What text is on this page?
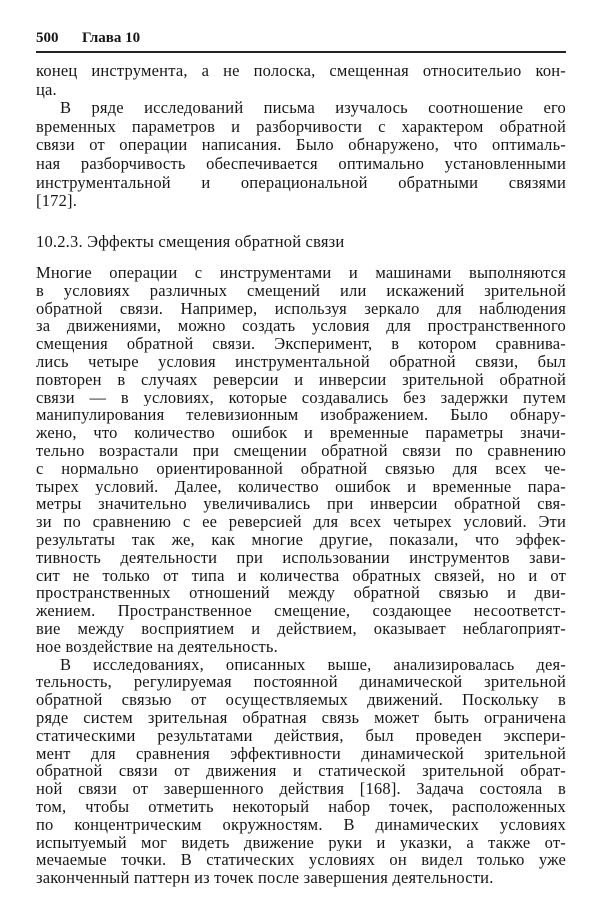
500 Глава 10
конец инструмента, а не полоска, смещенная относительио кон-
ца.
В ряде исследований письма изучалось соотношение его
временных параметров и разборчивости с характером обратной
связи от операции написания. Было обнаружено, что оптималь-
ная разборчивость обеспечивается оптимально установленными
инструментальной и операциональной обратными связями
[172].
10.2.3. Эффекты смещения обратной связи
Многие операции с инструментами и машинами выполняются
в условиях различных смещений или искажений зрительной
обратной связи. Например, используя зеркало для наблюдения
за движениями, можно создать условия для пространственного
смещения обратной связи. Эксперимент, в котором сравнива-
лись четыре условия инструментальной обратной связи, был
повторен в случаях реверсии и инверсии зрительной обратной
связи — в условиях, которые создавались без задержки путем
манипулирования телевизионным изображением. Было обнару-
жено, что количество ошибок и временные параметры значи-
тельно возрастали при смещении обратной связи по сравнению
с нормально ориентированной обратной связью для всех че-
тырех условий. Далее, количество ошибок и временные пара-
метры значительно увеличивались при инверсии обратной свя-
зи по сравнению с ее реверсией для всех четырех условий. Эти
результаты так же, как многие другие, показали, что эффек-
тивность деятельности при использовании инструментов зави-
сит не только от типа и количества обратных связей, но и от
пространственных отношений между обратной связью и дви-
жением. Пространственное смещение, создающее несоответст-
вие между восприятием и действием, оказывает неблагоприят-
ное воздействие на деятельность.
В исследованиях, описанных выше, анализировалась дея-
тельность, регулируемая постоянной динамической зрительной
обратной связью от осуществляемых движений. Поскольку в
ряде систем зрительная обратная связь может быть ограничена
статическими результатами действия, был проведен экспери-
мент для сравнения эффективности динамической зрительной
обратной связи от движения и статической зрительной обрат-
ной связи от завершенного действия [168]. Задача состояла в
том, чтобы отметить некоторый набор точек, расположенных
по концентрическим окружностям. В динамических условиях
испытуемый мог видеть движение руки и указки, а также от-
мечаемые точки. В статических условиях он видел только уже
законченный паттерн из точек после завершения деятельности.
